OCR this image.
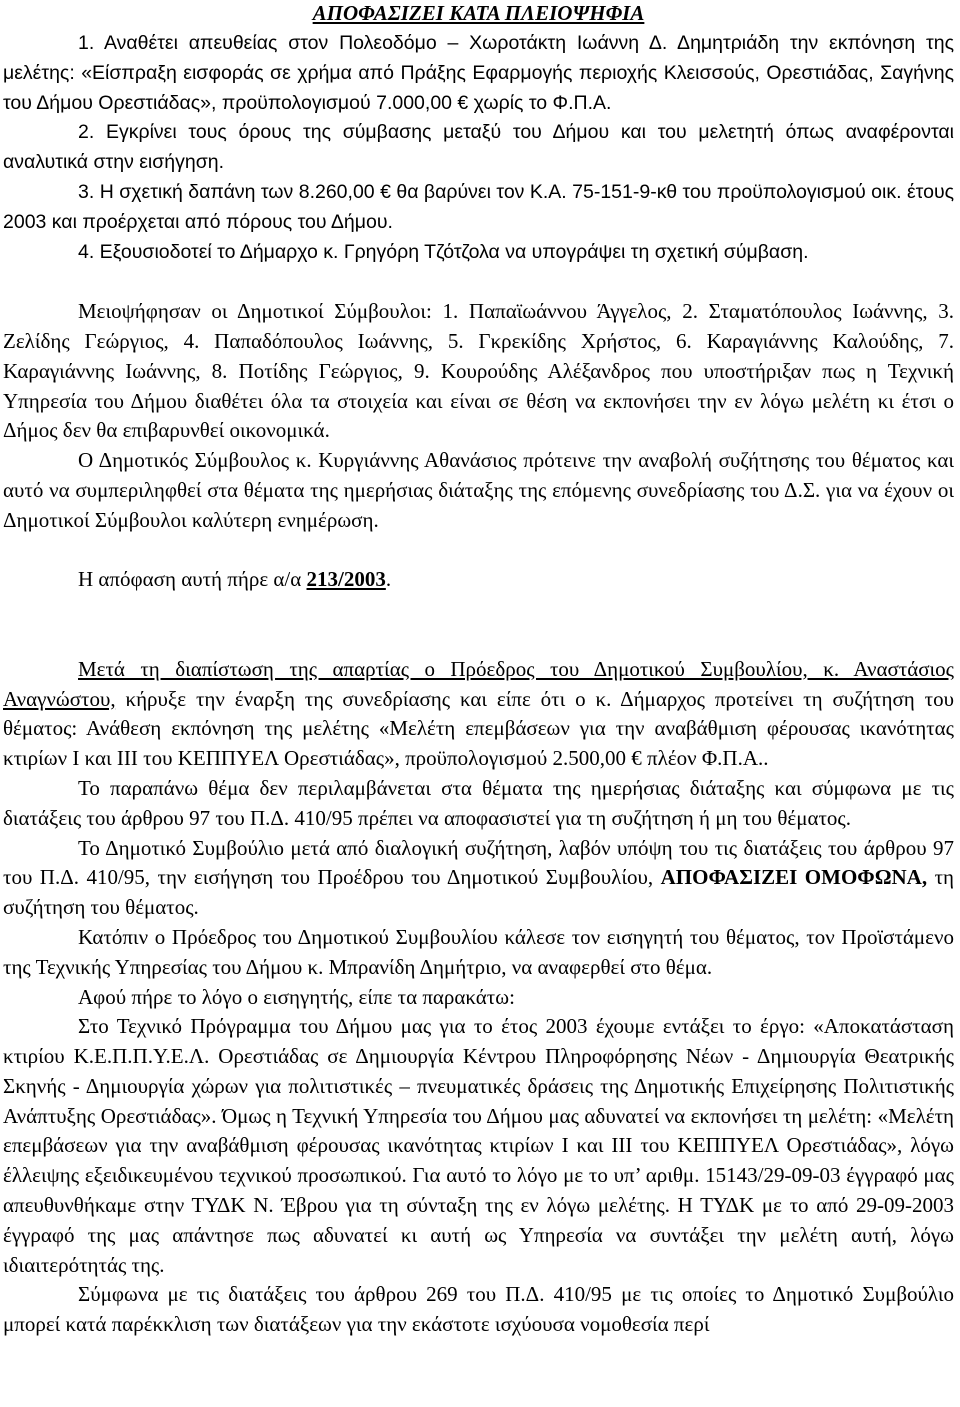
ΑΠΟΦΑΣΙΖΕΙ ΚΑΤΑ ΠΛΕΙΟΨΗΦΙΑ

1. Αναθέτει απευθείας στον Πολεοδόμο – Χωροτάκτη Ιωάννη Δ. Δημητριάδη την εκπόνηση της μελέτης: «Είσπραξη εισφοράς σε χρήμα από Πράξης Εφαρμογής περιοχής Κλεισσούς, Ορεστιάδας, Σαγήνης του Δήμου Ορεστιάδας», προϋπολογισμού 7.000,00 € χωρίς το Φ.Π.Α.

2. Εγκρίνει τους όρους της σύμβασης μεταξύ του Δήμου και του μελετητή όπως αναφέρονται αναλυτικά στην εισήγηση.

3. Η σχετική δαπάνη των 8.260,00 € θα βαρύνει τον Κ.Α. 75-151-9-κθ του προϋπολογισμού οικ. έτους 2003 και προέρχεται από πόρους του Δήμου.

4. Εξουσιοδοτεί το Δήμαρχο κ. Γρηγόρη Τζότζολα να υπογράψει τη σχετική σύμβαση.

Μειοψήφησαν οι Δημοτικοί Σύμβουλοι: 1. Παπαϊωάννου Άγγελος, 2. Σταματόπουλος Ιωάννης, 3. Ζελίδης Γεώργιος, 4. Παπαδόπουλος Ιωάννης, 5. Γκρεκίδης Χρήστος, 6. Καραγιάννης Καλούδης, 7. Καραγιάννης Ιωάννης, 8. Ποτίδης Γεώργιος, 9. Κουρούδης Αλέξανδρος που υποστήριξαν πως η Τεχνική Υπηρεσία του Δήμου διαθέτει όλα τα στοιχεία και είναι σε θέση να εκπονήσει την εν λόγω μελέτη κι έτσι ο Δήμος δεν θα επιβαρυνθεί οικονομικά.

Ο Δημοτικός Σύμβουλος κ. Κυργιάννης Αθανάσιος πρότεινε την αναβολή συζήτησης του θέματος και αυτό να συμπεριληφθεί στα θέματα της ημερήσιας διάταξης της επόμενης συνεδρίασης του Δ.Σ. για να έχουν οι Δημοτικοί Σύμβουλοι καλύτερη ενημέρωση.

Η απόφαση αυτή πήρε α/α 213/2003.

Μετά τη διαπίστωση της απαρτίας ο Πρόεδρος του Δημοτικού Συμβουλίου, κ. Αναστάσιος Αναγνώστου, κήρυξε την έναρξη της συνεδρίασης και είπε ότι ο κ. Δήμαρχος προτείνει τη συζήτηση του θέματος: Ανάθεση εκπόνηση της μελέτης «Μελέτη επεμβάσεων για την αναβάθμιση φέρουσας ικανότητας κτιρίων Ι και ΙΙΙ του ΚΕΠΠΥΕΛ Ορεστιάδας», προϋπολογισμού 2.500,00 € πλέον Φ.Π.Α..

Το παραπάνω θέμα δεν περιλαμβάνεται στα θέματα της ημερήσιας διάταξης και σύμφωνα με τις διατάξεις του άρθρου 97 του Π.Δ. 410/95 πρέπει να αποφασιστεί για τη συζήτηση ή μη του θέματος.

Το Δημοτικό Συμβούλιο μετά από διαλογική συζήτηση, λαβόν υπόψη του τις διατάξεις του άρθρου 97 του Π.Δ. 410/95, την εισήγηση του Προέδρου του Δημοτικού Συμβουλίου, ΑΠΟΦΑΣΙΖΕΙ ΟΜΟΦΩΝΑ, τη συζήτηση του θέματος.

Κατόπιν ο Πρόεδρος του Δημοτικού Συμβουλίου κάλεσε τον εισηγητή του θέματος, τον Προϊστάμενο της Τεχνικής Υπηρεσίας του Δήμου κ. Μπρανίδη Δημήτριο, να αναφερθεί στο θέμα.

Αφού πήρε το λόγο ο εισηγητής, είπε τα παρακάτω:

Στο Τεχνικό Πρόγραμμα του Δήμου μας για το έτος 2003 έχουμε εντάξει το έργο: «Αποκατάσταση κτιρίου Κ.Ε.Π.Π.Υ.Ε.Λ. Ορεστιάδας σε Δημιουργία Κέντρου Πληροφόρησης Νέων - Δημιουργία Θεατρικής Σκηνής - Δημιουργία χώρων για πολιτιστικές – πνευματικές δράσεις της Δημοτικής Επιχείρησης Πολιτιστικής Ανάπτυξης Ορεστιάδας». Όμως η Τεχνική Υπηρεσία του Δήμου μας αδυνατεί να εκπονήσει τη μελέτη: «Μελέτη επεμβάσεων για την αναβάθμιση φέρουσας ικανότητας κτιρίων Ι και ΙΙΙ του ΚΕΠΠΥΕΛ Ορεστιάδας», λόγω έλλειψης εξειδικευμένου τεχνικού προσωπικού. Για αυτό το λόγο με το υπ’ αριθμ. 15143/29-09-03 έγγραφό μας απευθυνθήκαμε στην ΤΥΔΚ Ν. Έβρου για τη σύνταξη της εν λόγω μελέτης. Η ΤΥΔΚ με το από 29-09-2003 έγγραφό της μας απάντησε πως αδυνατεί κι αυτή ως Υπηρεσία να συντάξει την μελέτη αυτή, λόγω ιδιαιτερότητάς της.

Σύμφωνα με τις διατάξεις του άρθρου 269 του Π.Δ. 410/95 με τις οποίες το Δημοτικό Συμβούλιο μπορεί κατά παρέκκλιση των διατάξεων για την εκάστοτε ισχύουσα νομοθεσία περί
